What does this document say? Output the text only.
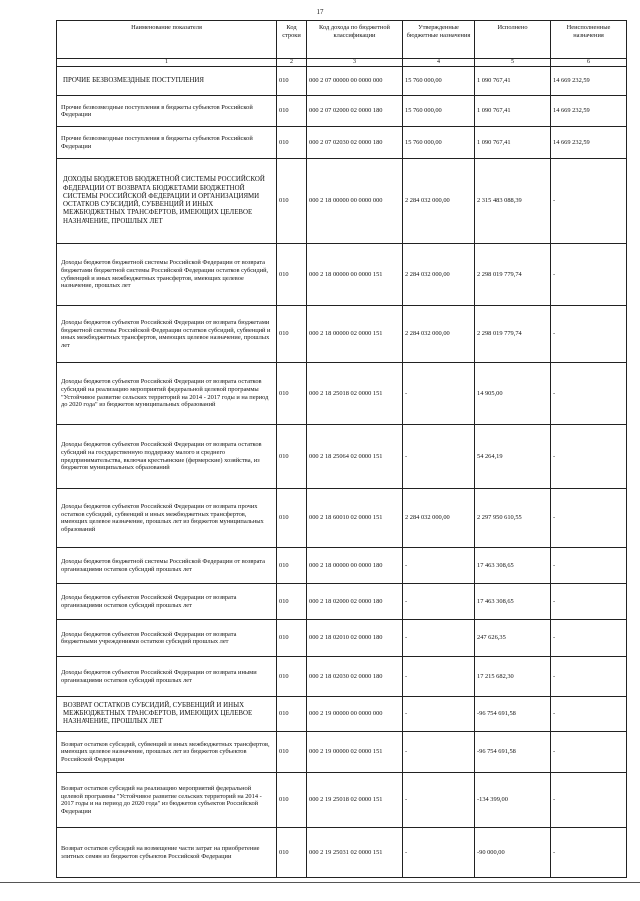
17
Наименование показателя	Код строки	Код дохода по бюджетной классификации	Утвержденные бюджетные назначения	Исполнено	Неисполненные назначения
1	2	3	4	5	6
ПРОЧИЕ БЕЗВОЗМЕЗДНЫЕ ПОСТУПЛЕНИЯ	010	000 2 07 00000 00 0000 000	15 760 000,00	1 090 767,41	14 669 232,59
Прочие безвозмездные поступления в бюджеты субъектов Российской Федерации	010	000 2 07 02000 02 0000 180	15 760 000,00	1 090 767,41	14 669 232,59
Прочие безвозмездные поступления в бюджеты субъектов Российской Федерации	010	000 2 07 02030 02 0000 180	15 760 000,00	1 090 767,41	14 669 232,59
ДОХОДЫ БЮДЖЕТОВ БЮДЖЕТНОЙ СИСТЕМЫ РОССИЙСКОЙ ФЕДЕРАЦИИ ОТ ВОЗВРАТА БЮДЖЕТАМИ БЮДЖЕТНОЙ СИСТЕМЫ РОССИЙСКОЙ ФЕДЕРАЦИИ И ОРГАНИЗАЦИЯМИ ОСТАТКОВ СУБСИДИЙ, СУБВЕНЦИЙ И ИНЫХ МЕЖБЮДЖЕТНЫХ ТРАНСФЕРТОВ, ИМЕЮЩИХ ЦЕЛЕВОЕ НАЗНАЧЕНИЕ, ПРОШЛЫХ ЛЕТ	010	000 2 18 00000 00 0000 000	2 284 032 000,00	2 315 483 088,39	-
Доходы бюджетов бюджетной системы Российской Федерации от возврата бюджетами бюджетной системы Российской Федерации остатков субсидий, субвенций и иных межбюджетных трансфертов, имеющих целевое назначение, прошлых лет	010	000 2 18 00000 00 0000 151	2 284 032 000,00	2 298 019 779,74	-
Доходы бюджетов субъектов Российской Федерации от возврата бюджетами бюджетной системы Российской Федерации остатков субсидий, субвенций и иных межбюджетных трансфертов, имеющих целевое назначение, прошлых лет	010	000 2 18 00000 02 0000 151	2 284 032 000,00	2 298 019 779,74	-
Доходы бюджетов субъектов Российской Федерации от возврата остатков субсидий на реализацию мероприятий федеральной целевой программы "Устойчивое развитие сельских территорий на 2014 - 2017 годы и на период до 2020 года" из бюджетов муниципальных образований	010	000 2 18 25018 02 0000 151	-	14 905,00	-
Доходы бюджетов субъектов Российской Федерации от возврата остатков субсидий на государственную поддержку малого и среднего предпринимательства, включая крестьянские (фермерские) хозяйства, из бюджетов муниципальных образований	010	000 2 18 25064 02 0000 151	-	54 264,19	-
Доходы бюджетов субъектов Российской Федерации от возврата прочих остатков субсидий, субвенций и иных межбюджетных трансфертов, имеющих целевое назначение, прошлых лет из бюджетов муниципальных образований	010	000 2 18 60010 02 0000 151	2 284 032 000,00	2 297 950 610,55	-
Доходы бюджетов бюджетной системы Российской Федерации от возврата организациями остатков субсидий прошлых лет	010	000 2 18 00000 00 0000 180	-	17 463 308,65	-
Доходы бюджетов субъектов Российской Федерации от возврата организациями остатков субсидий прошлых лет	010	000 2 18 02000 02 0000 180	-	17 463 308,65	-
Доходы бюджетов субъектов Российской Федерации от возврата бюджетными учреждениями остатков субсидий прошлых лет	010	000 2 18 02010 02 0000 180	-	247 626,35	-
Доходы бюджетов субъектов Российской Федерации от возврата иными организациями остатков субсидий прошлых лет	010	000 2 18 02030 02 0000 180	-	17 215 682,30	-
ВОЗВРАТ ОСТАТКОВ СУБСИДИЙ, СУБВЕНЦИЙ И ИНЫХ МЕЖБЮДЖЕТНЫХ ТРАНСФЕРТОВ, ИМЕЮЩИХ ЦЕЛЕВОЕ НАЗНАЧЕНИЕ, ПРОШЛЫХ ЛЕТ	010	000 2 19 00000 00 0000 000	-	-96 754 691,58	-
Возврат остатков субсидий, субвенций и иных межбюджетных трансфертов, имеющих целевое назначение, прошлых лет из бюджетов субъектов Российской Федерации	010	000 2 19 00000 02 0000 151	-	-96 754 691,58	-
Возврат остатков субсидий на реализацию мероприятий федеральной целевой программы "Устойчивое развитие сельских территорий на 2014 - 2017 годы и на период до 2020 года" из бюджетов субъектов Российской Федерации	010	000 2 19 25018 02 0000 151	-	-134 399,00	-
Возврат остатков субсидий на возмещение части затрат на приобретение элитных семян из бюджетов субъектов Российской Федерации	010	000 2 19 25031 02 0000 151	-	-90 000,00	-
